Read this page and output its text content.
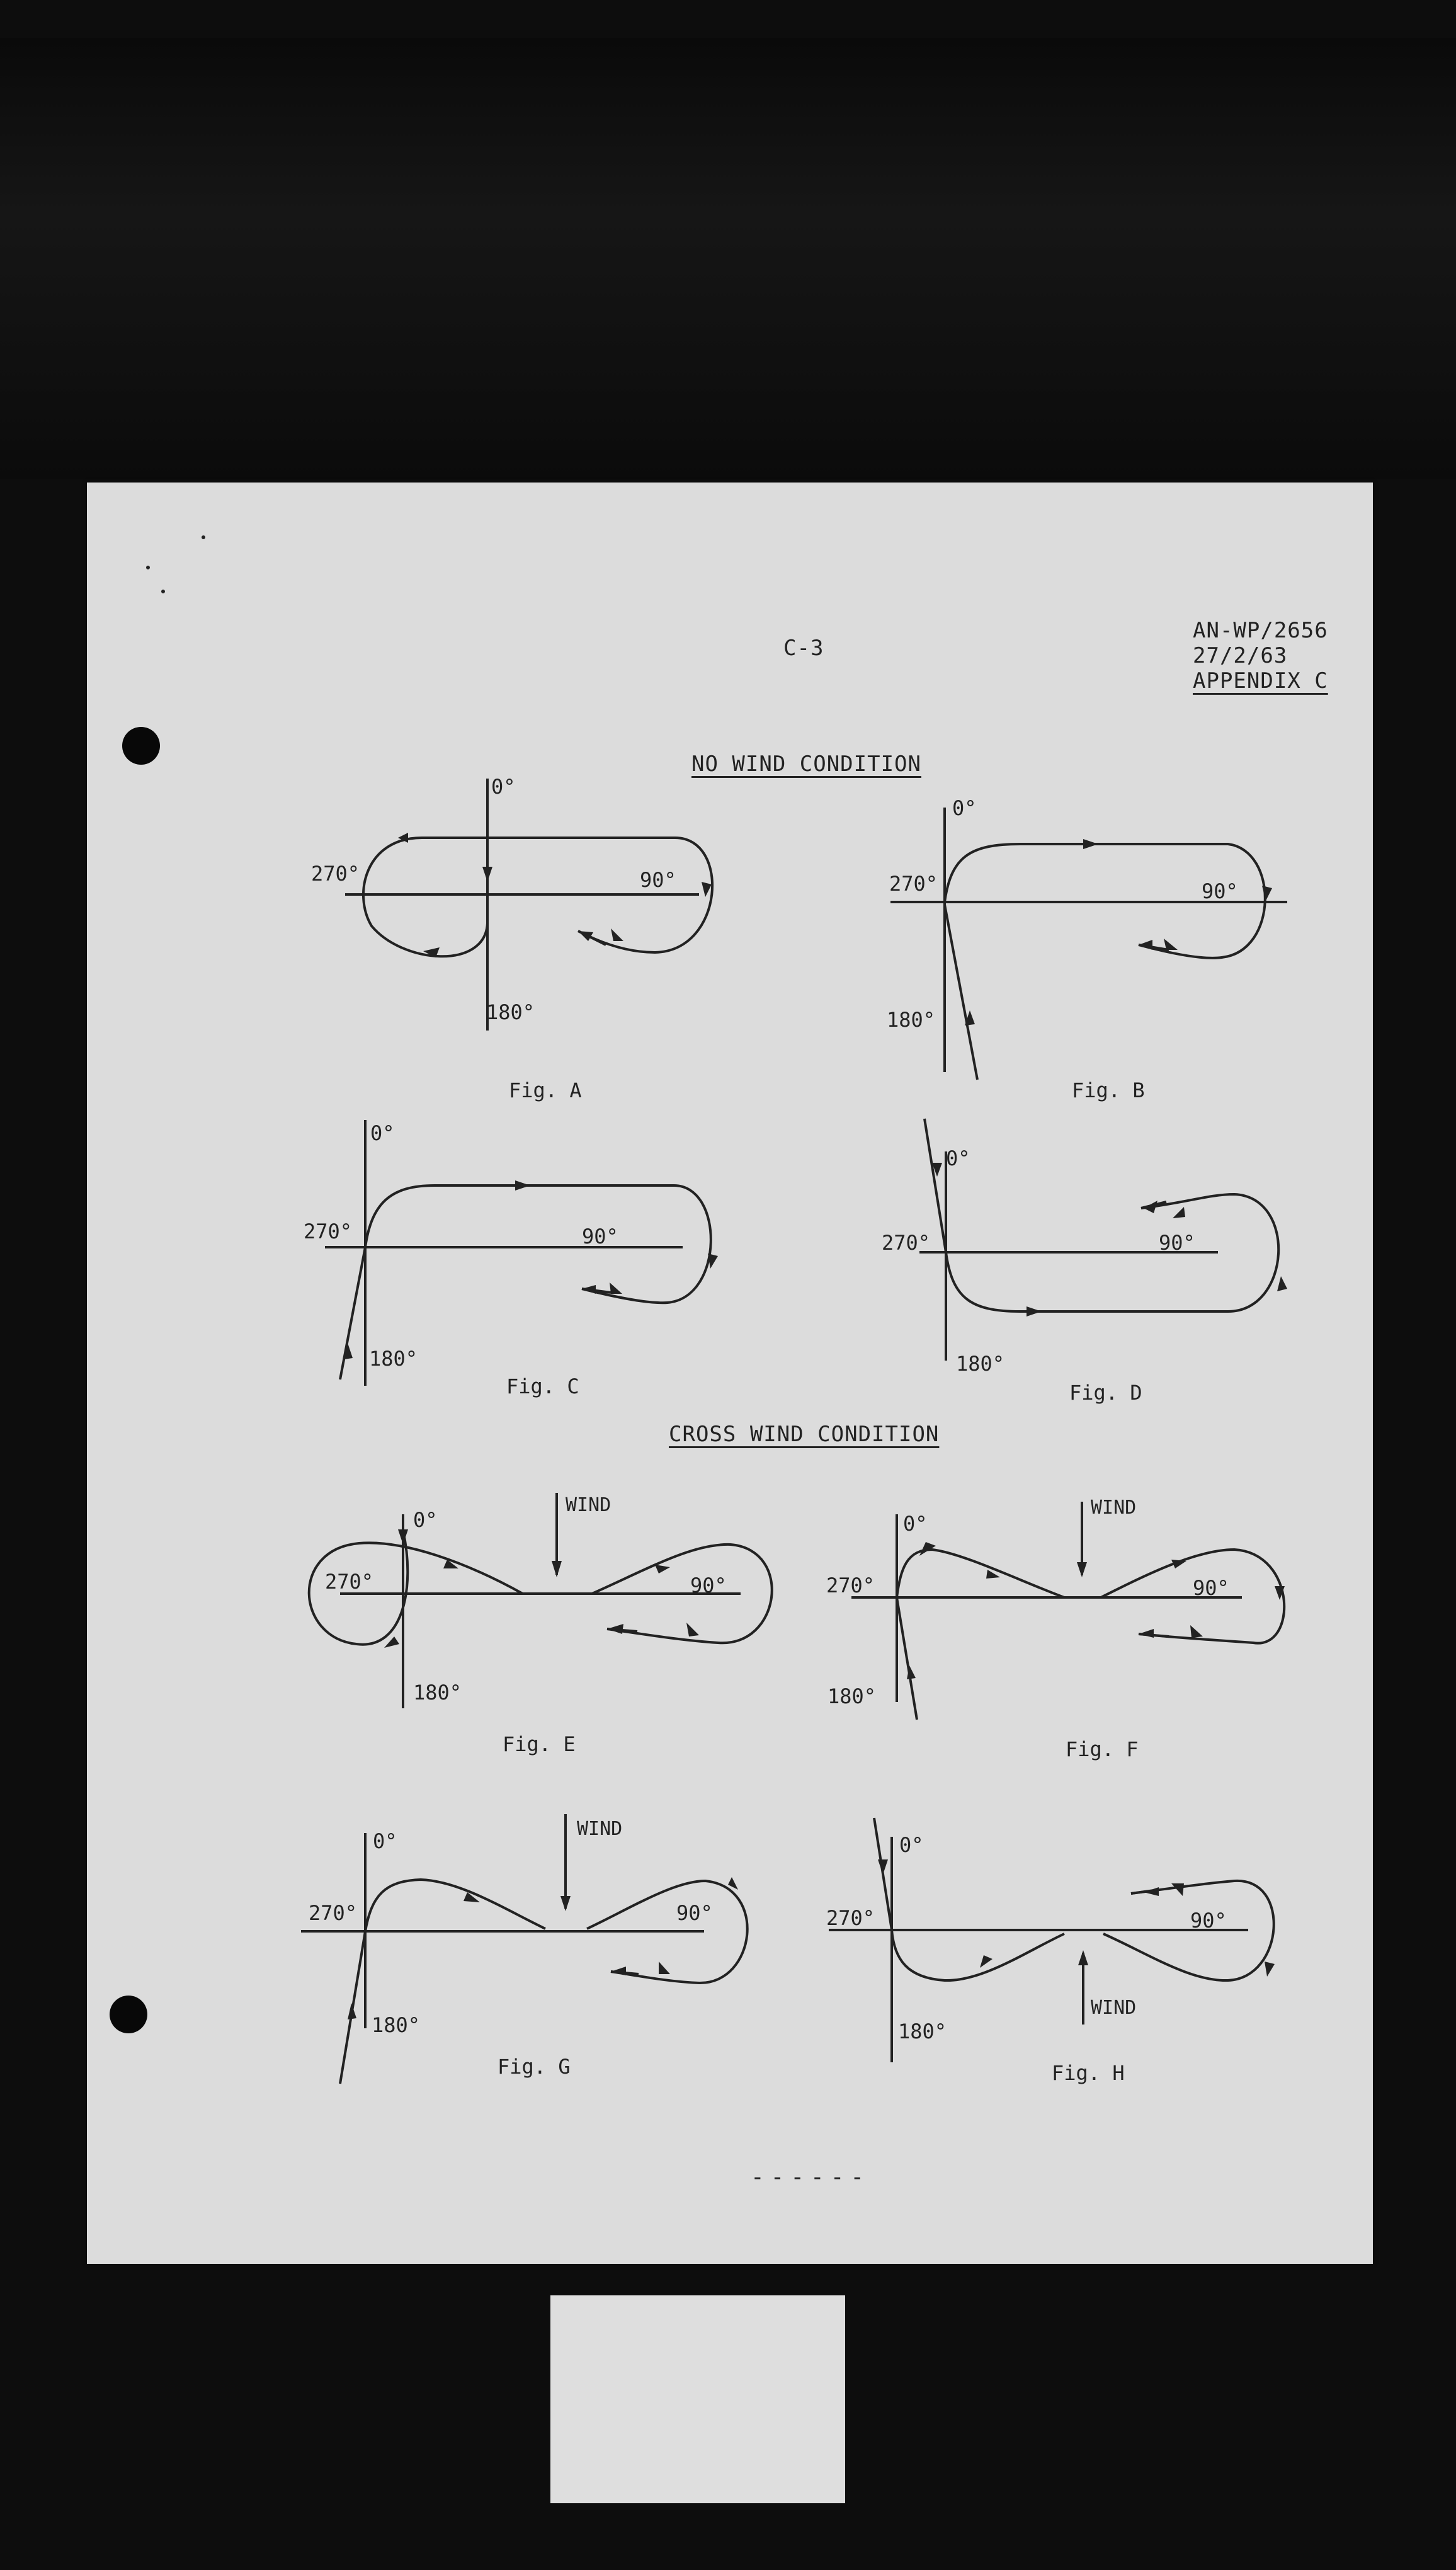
C-3
AN-WP/2656
27/2/63
APPENDIX C
NO WIND CONDITION
CROSS WIND CONDITION
0°
270°	90°
180°
Fig. A
0°
270°	90°
180°
Fig. B
0°
270°	90°
180°
Fig. C
0°
270°	90°
180°
Fig. D
0°
270°	90°
180°
WIND
Fig. E
0°
270°	90°
180°
WIND
Fig. F
0°
270°	90°
180°
WIND
Fig. G
0°
270°	90°
180°
WIND
Fig. H
------
